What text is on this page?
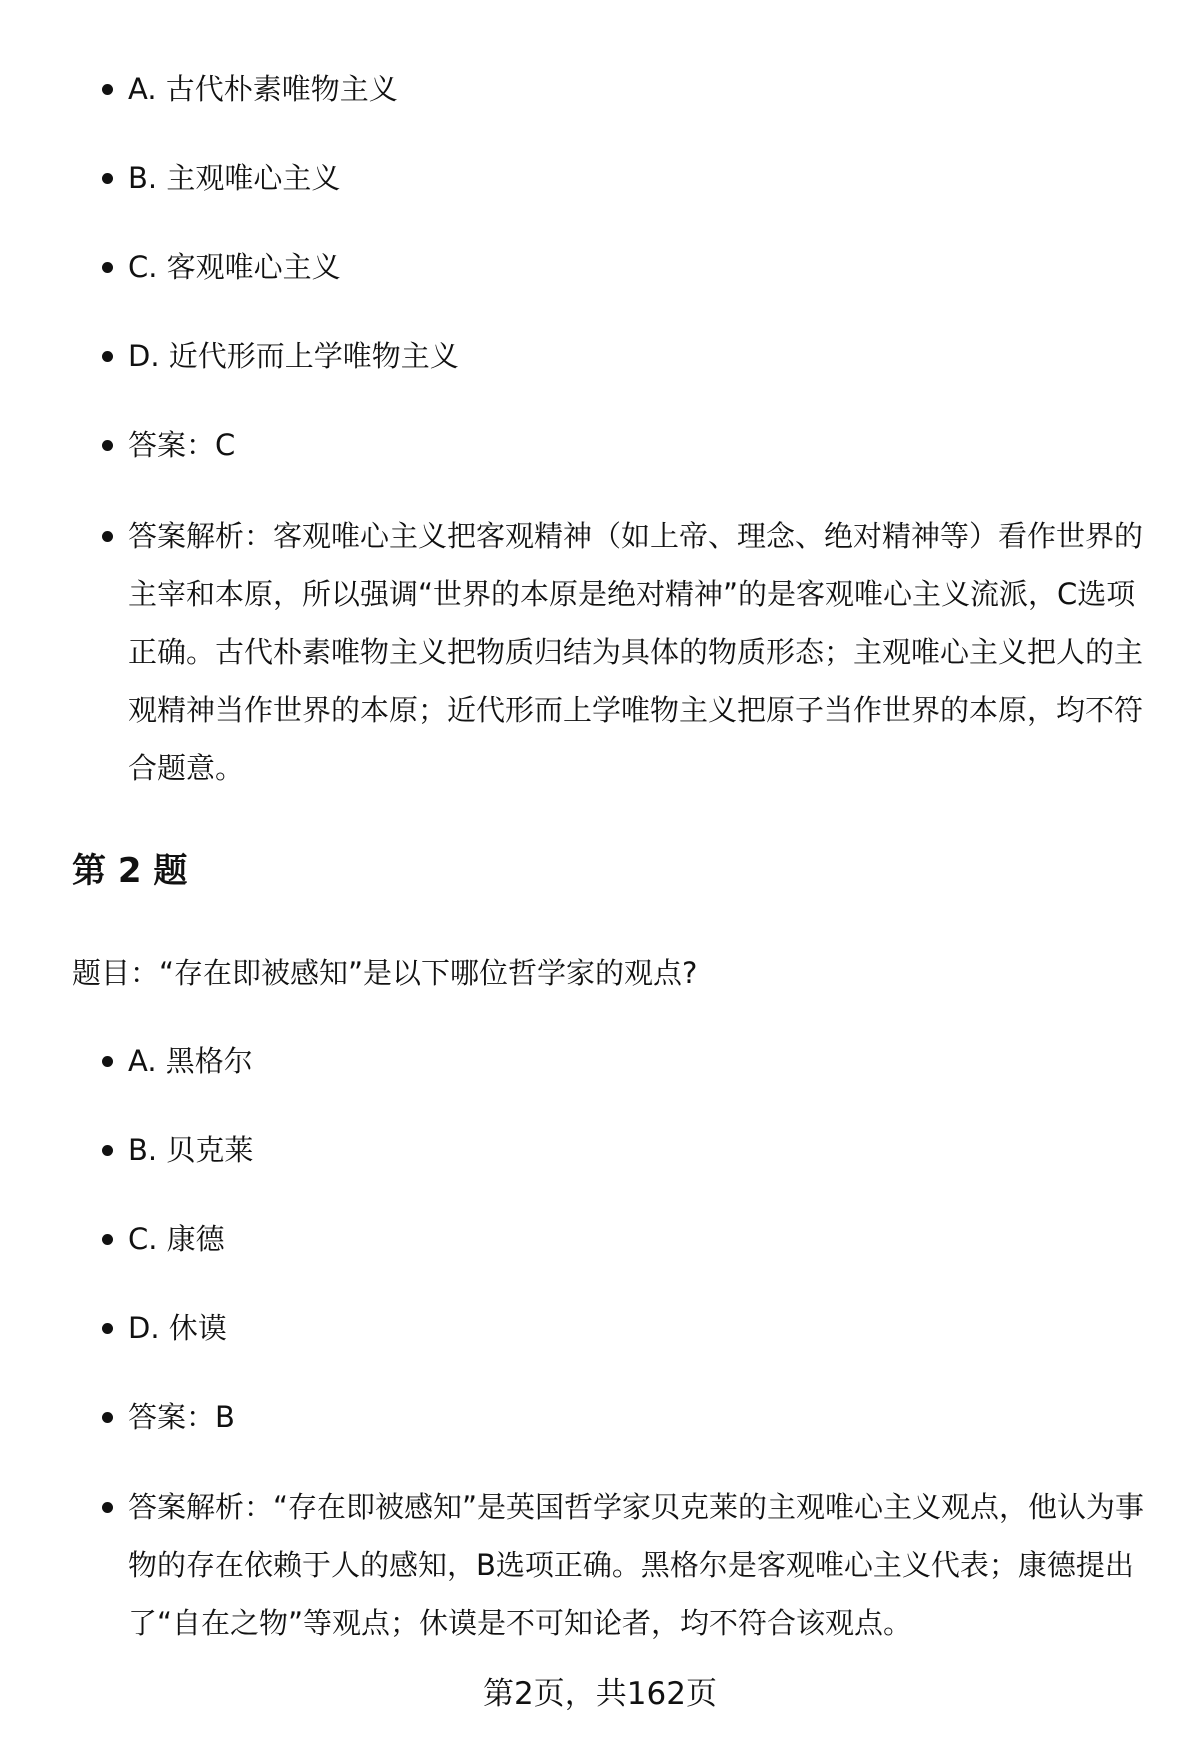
A. 古代朴素唯物主义
B. 主观唯心主义
C. 客观唯心主义
D. 近代形而上学唯物主义
答案：C
答案解析：客观唯心主义把客观精神（如上帝、理念、绝对精神等）看作世界的主宰和本原，所以强调“世界的本原是绝对精神”的是客观唯心主义流派，C选项正确。古代朴素唯物主义把物质归结为具体的物质形态；主观唯心主义把人的主观精神当作世界的本原；近代形而上学唯物主义把原子当作世界的本原，均不符合题意。
第 2 题

题目：“存在即被感知”是以下哪位哲学家的观点?

A. 黑格尔
B. 贝克莱
C. 康德
D. 休谟
答案：B
答案解析：“存在即被感知”是英国哲学家贝克莱的主观唯心主义观点，他认为事物的存在依赖于人的感知，B选项正确。黑格尔是客观唯心主义代表；康德提出了“自在之物”等观点；休谟是不可知论者，均不符合该观点。

第2页，共162页
